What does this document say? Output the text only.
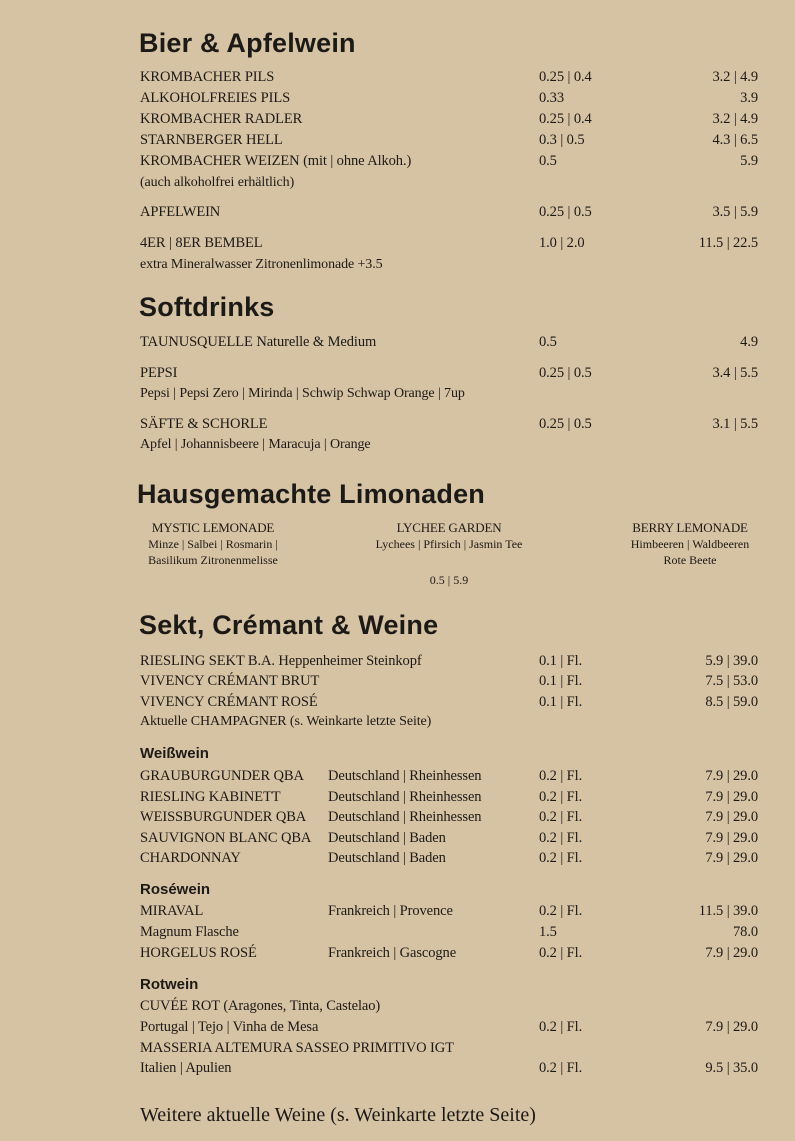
Bier & Apfelwein
KROMBACHER PILS	0.25 | 0.4	3.2 | 4.9
ALKOHOLFREIES PILS	0.33	3.9
KROMBACHER RADLER	0.25 | 0.4	3.2 | 4.9
STARNBERGER HELL	0.3 | 0.5	4.3 | 6.5
KROMBACHER WEIZEN (mit | ohne Alkoh.)	0.5	5.9
(auch alkoholfrei erhältlich)
APFELWEIN	0.25 | 0.5	3.5 | 5.9
4ER | 8ER BEMBEL	1.0 | 2.0	11.5 | 22.5
extra Mineralwasser Zitronenlimonade +3.5
Softdrinks
TAUNUSQUELLE Naturelle & Medium	0.5	4.9
PEPSI	0.25 | 0.5	3.4 | 5.5
Pepsi | Pepsi Zero | Mirinda | Schwip Schwap Orange | 7up
SÄFTE & SCHORLE	0.25 | 0.5	3.1 | 5.5
Apfel | Johannisbeere | Maracuja | Orange
Hausgemachte Limonaden
MYSTIC LEMONADE
Minze | Salbei | Rosmarin |
Basilikum Zitronenmelisse
LYCHEE GARDEN
Lychees | Pfirsich | Jasmin Tee
BERRY LEMONADE
Himbeeren | Waldbeeren
Rote Beete
0.5 | 5.9
Sekt, Crémant & Weine
RIESLING SEKT B.A. Heppenheimer Steinkopf	0.1 | Fl.	5.9 | 39.0
VIVENCY CRÉMANT BRUT	0.1 | Fl.	7.5 | 53.0
VIVENCY CRÉMANT ROSÉ	0.1 | Fl.	8.5 | 59.0
Aktuelle CHAMPAGNER (s. Weinkarte letzte Seite)
Weißwein
GRAUBURGUNDER QBA Deutschland | Rheinhessen	0.2 | Fl.	7.9 | 29.0
RIESLING KABINETT	Deutschland | Rheinhessen	0.2 | Fl.	7.9 | 29.0
WEISSBURGUNDER QBA Deutschland | Rheinhessen	0.2 | Fl.	7.9 | 29.0
SAUVIGNON BLANC QBA Deutschland | Baden	0.2 | Fl.	7.9 | 29.0
CHARDONNAY	Deutschland | Baden	0.2 | Fl.	7.9 | 29.0
Roséwein
MIRAVAL	Frankreich | Provence	0.2 | Fl.	11.5 | 39.0
Magnum Flasche	1.5	78.0
HORGELUS ROSÉ	Frankreich | Gascogne	0.2 | Fl.	7.9 | 29.0
Rotwein
CUVÉE ROT (Aragones, Tinta, Castelao)
Portugal | Tejo | Vinha de Mesa	0.2 | Fl.	7.9 | 29.0
MASSERIA ALTEMURA SASSEO PRIMITIVO IGT
Italien | Apulien	0.2 | Fl.	9.5 | 35.0
Weitere aktuelle Weine (s. Weinkarte letzte Seite)
